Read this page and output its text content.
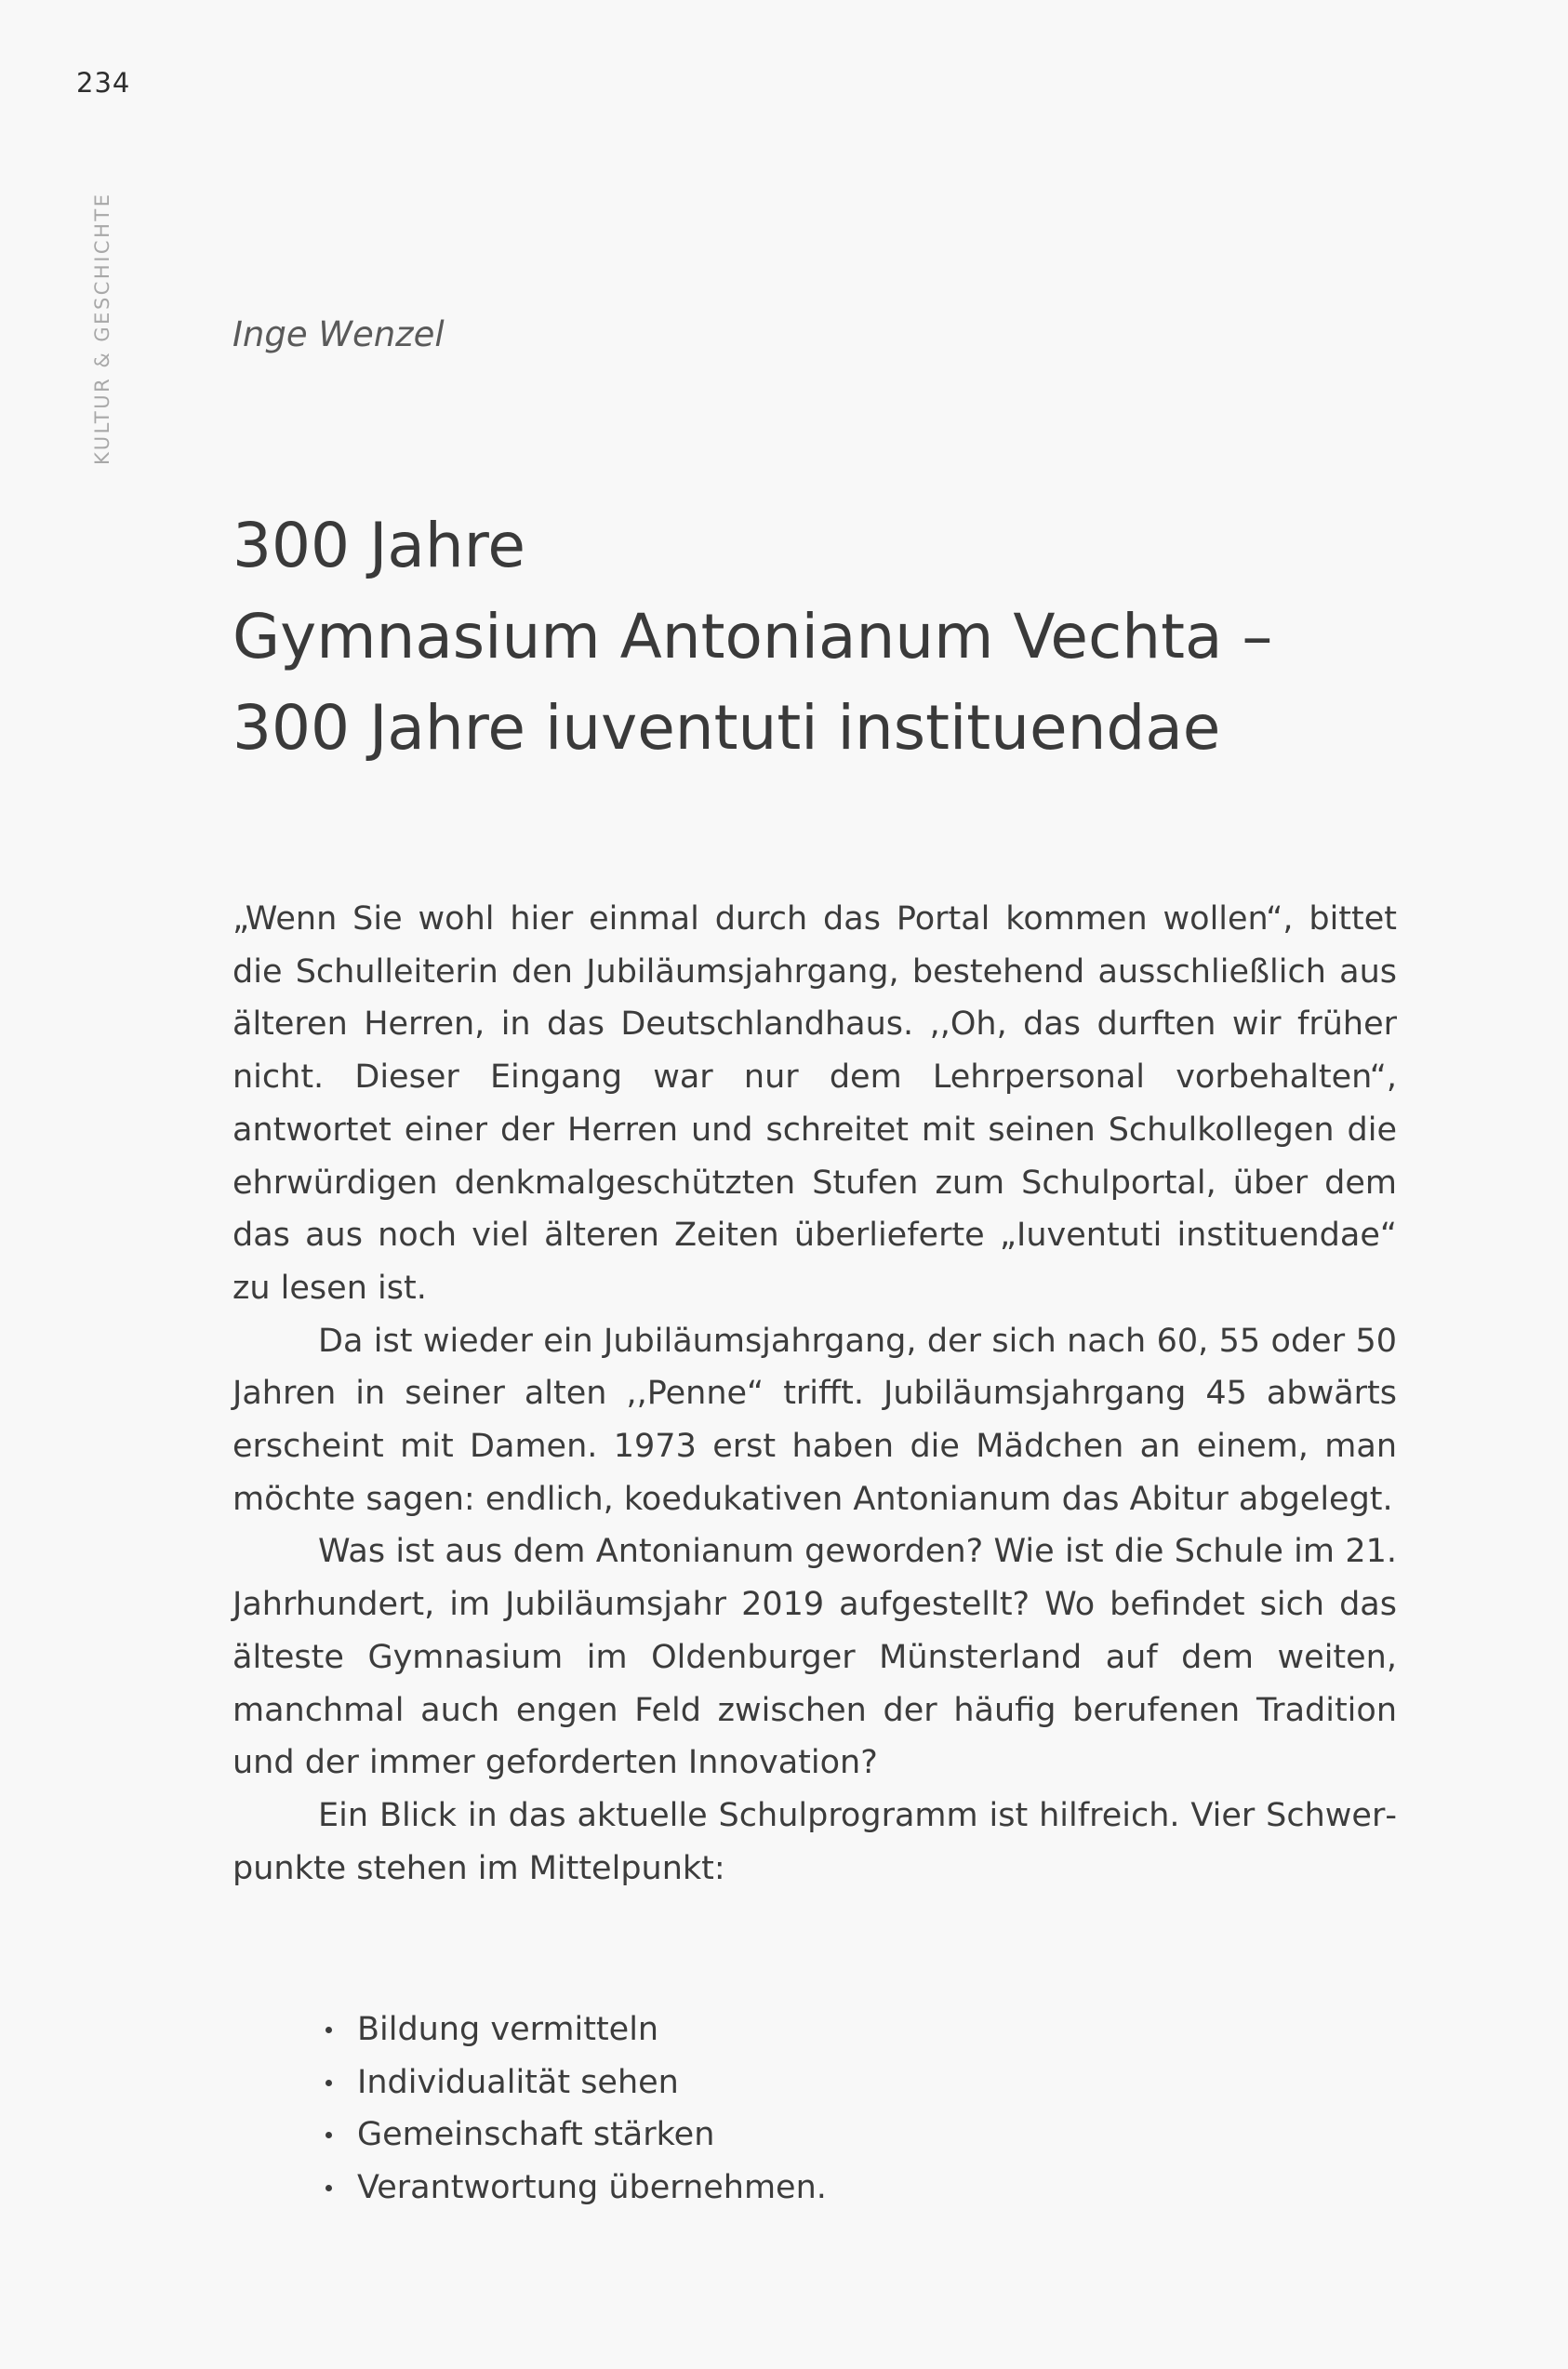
234
KULTUR & GESCHICHTE	Inge Wenzel
300 Jahre
Gymnasium Antonianum Vechta –
300 Jahre iuventuti instituendae

„Wenn Sie wohl hier einmal durch das Portal kommen wollen“, bittet die Schulleiterin den Jubiläumsjahrgang, bestehend ausschließlich aus älteren Herren, in das Deutschlandhaus. ,,Oh, das durften wir früher nicht. Dieser Eingang war nur dem Lehrpersonal vorbehalten“, antwortet einer der Herren und schreitet mit seinen Schulkollegen die ehrwürdigen denkmalgeschützten Stufen zum Schulportal, über dem das aus noch viel älteren Zeiten überlieferte „Iuventuti instituendae“ zu lesen ist.

Da ist wieder ein Jubiläumsjahrgang, der sich nach 60, 55 oder 50 Jahren in seiner alten ,,Penne“ trifft. Jubiläumsjahrgang 45 abwärts erscheint mit Damen. 1973 erst haben die Mädchen an einem, man möchte sagen: endlich, koedukativen Antonianum das Abitur abgelegt.

Was ist aus dem Antonianum geworden? Wie ist die Schule im 21. Jahrhundert, im Jubiläumsjahr 2019 aufgestellt? Wo befindet sich das älteste Gymnasium im Oldenburger Münsterland auf dem weiten, manchmal auch engen Feld zwischen der häufig berufenen Tradition und der immer geforderten Innovation?

Ein Blick in das aktuelle Schulprogramm ist hilfreich. Vier Schwerpunkte stehen im Mittelpunkt:

Bildung vermitteln
Individualität sehen
Gemeinschaft stärken
Verantwortung übernehmen.
